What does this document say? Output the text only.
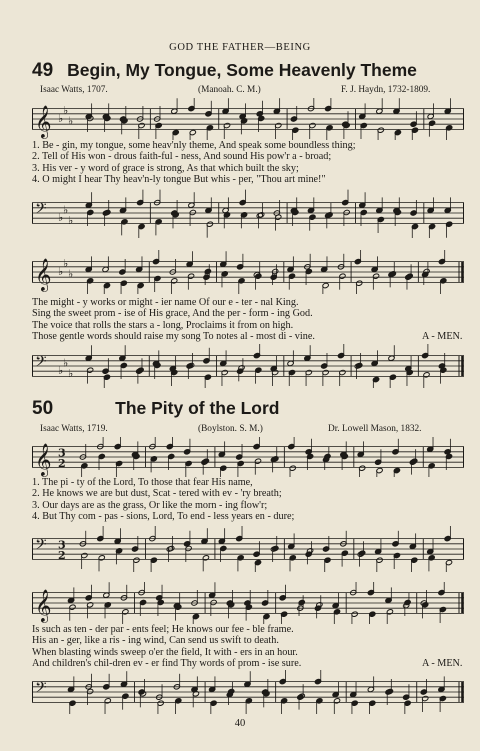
GOD THE FATHER—BEING
49 Begin, My Tongue, Some Heavenly Theme
Isaac Watts, 1707.	(Manoah. C. M.)	F. J. Haydn, 1732-1809.
𝄞 ♭
♭
♭
1. Be - gin, my tongue, some heav'nly theme, And speak some boundless thing;
2. Tell of His won - drous faith-ful - ness, And sound His pow'r a - broad;
3. His ver - y word of grace is strong, As that which built the sky;
4. O might I hear Thy heav'n-ly tongue But whis - per, "Thou art mine!"
𝄢 ♭
♭
♭
𝄞 ♭
♭
♭
The might - y works or might - ier name Of our e - ter - nal King.
Sing the sweet prom - ise of His grace, And the per - form - ing God.
The voice that rolls the stars a - long, Proclaims it from on high.
Those gentle words should raise my song To notes al - most di - vine.	A - MEN.
𝄢 ♭
♭
♭
50	The Pity of the Lord
Isaac Watts, 1719.	(Boylston. S. M.)	Dr. Lowell Mason, 1832.
𝄞 3
2
1. The pi - ty of the Lord, To those that fear His name,
2. He knows we are but dust, Scat - tered with ev - 'ry breath;
3. Our days are as the grass, Or like the morn - ing flow'r;
4. But Thy com - pas - sions, Lord, To end - less years en - dure;
𝄢 3
2
𝄞
Is such as ten - der par - ents feel; He knows our fee - ble frame.
His an - ger, like a ris - ing wind, Can send us swift to death.
When blasting winds sweep o'er the field, It with - ers in an hour.
And children's chil-dren ev - er find Thy words of prom - ise sure.	A - MEN.
𝄢
40
